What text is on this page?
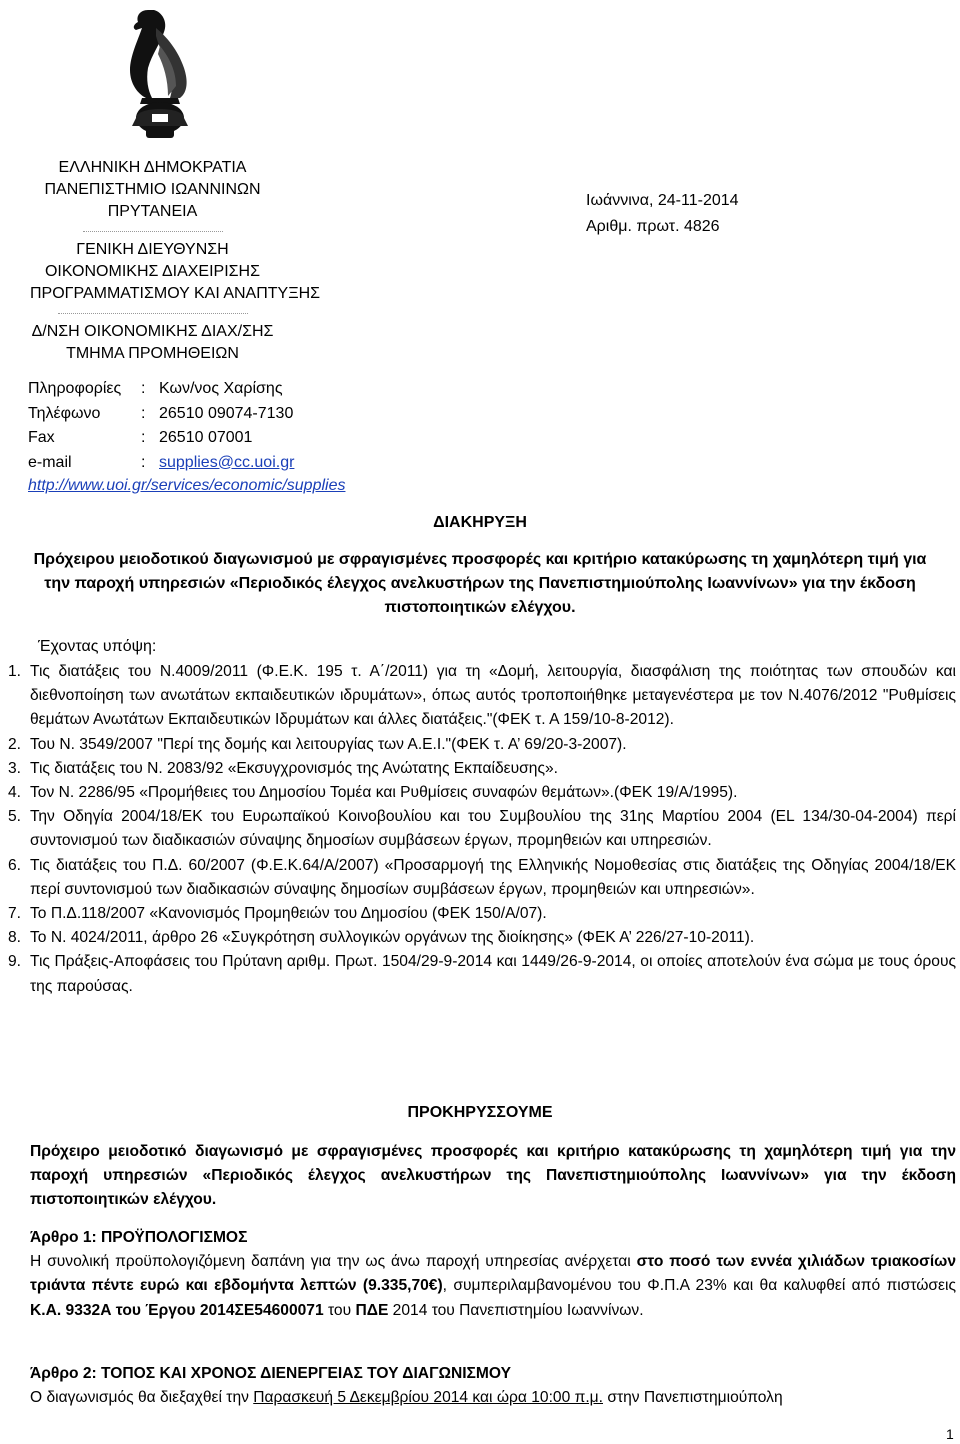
ΕΛΛΗΝΙΚΗ ΔΗΜΟΚΡΑΤΙΑ
ΠΑΝΕΠΙΣΤΗΜΙΟ ΙΩΑΝΝΙΝΩΝ
ΠΡΥΤΑΝΕΙΑ
ΓΕΝΙΚΗ ΔΙΕΥΘΥΝΣΗ
ΟΙΚΟΝΟΜΙΚΗΣ ΔΙΑΧΕΙΡΙΣΗΣ
ΠΡΟΓΡΑΜΜΑΤΙΣΜΟΥ ΚΑΙ ΑΝΑΠΤΥΞΗΣ
Δ/ΝΣΗ ΟΙΚΟΝΟΜΙΚΗΣ ΔΙΑΧ/ΣΗΣ
ΤΜΗΜΑ ΠΡΟΜΗΘΕΙΩΝ
Πληροφορίες	: Κων/νος Χαρίσης
Τηλέφωνο	: 26510 09074-7130
Fax	: 26510 07001
e-mail	: supplies@cc.uoi.gr
http://www.uoi.gr/services/economic/supplies
Ιωάννινα, 24-11-2014
Αριθμ. πρωτ. 4826
ΔΙΑΚΗΡΥΞΗ
Πρόχειρου μειοδοτικού διαγωνισμού με σφραγισμένες προσφορές και κριτήριο κατακύρωσης τη χαμηλότερη τιμή για την παροχή υπηρεσιών «Περιοδικός έλεγχος ανελκυστήρων της Πανεπιστημιούπολης Ιωαννίνων» για την έκδοση πιστοποιητικών ελέγχου.
Έχοντας υπόψη:
1. Τις διατάξεις του Ν.4009/2011 (Φ.Ε.Κ. 195 τ. Α΄/2011) για τη «Δομή, λειτουργία, διασφάλιση της ποιότητας των σπουδών και διεθνοποίηση των ανωτάτων εκπαιδευτικών ιδρυμάτων», όπως αυτός τροποποιήθηκε μεταγενέστερα με τον Ν.4076/2012 "Ρυθμίσεις θεμάτων Ανωτάτων Εκπαιδευτικών Ιδρυμάτων και άλλες διατάξεις."(ΦΕΚ τ. Α 159/10-8-2012).
2. Του Ν. 3549/2007 "Περί της δομής και λειτουργίας των Α.Ε.Ι."(ΦΕΚ τ. Α’ 69/20-3-2007).
3. Τις διατάξεις του Ν. 2083/92 «Εκσυγχρονισμός της Ανώτατης Εκπαίδευσης».
4. Τον Ν. 2286/95 «Προμήθειες του Δημοσίου Τομέα και Ρυθμίσεις συναφών θεμάτων».(ΦΕΚ 19/Α/1995).
5. Την Οδηγία 2004/18/ΕΚ του Ευρωπαϊκού Κοινοβουλίου και του Συμβουλίου της 31ης Μαρτίου 2004 (EL 134/30-04-2004) περί συντονισμού των διαδικασιών σύναψης δημοσίων συμβάσεων έργων, προμηθειών και υπηρεσιών.
6. Τις διατάξεις του Π.Δ. 60/2007 (Φ.Ε.Κ.64/Α/2007) «Προσαρμογή της Ελληνικής Νομοθεσίας στις διατάξεις της Οδηγίας 2004/18/ΕΚ περί συντονισμού των διαδικασιών σύναψης δημοσίων συμβάσεων έργων, προμηθειών και υπηρεσιών».
7. Το Π.Δ.118/2007 «Κανονισμός Προμηθειών του Δημοσίου (ΦΕΚ 150/Α/07).
8. Το Ν. 4024/2011, άρθρο 26 «Συγκρότηση συλλογικών οργάνων της διοίκησης» (ΦΕΚ Α’ 226/27-10-2011).
9. Τις Πράξεις-Αποφάσεις του Πρύτανη αριθμ. Πρωτ. 1504/29-9-2014 και 1449/26-9-2014, οι οποίες αποτελούν ένα σώμα με τους όρους της παρούσας.
ΠΡΟΚΗΡΥΣΣΟΥΜΕ
Πρόχειρο μειοδοτικό διαγωνισμό με σφραγισμένες προσφορές και κριτήριο κατακύρωσης τη χαμηλότερη τιμή για την παροχή υπηρεσιών «Περιοδικός έλεγχος ανελκυστήρων της Πανεπιστημιούπολης Ιωαννίνων» για την έκδοση πιστοποιητικών ελέγχου.
Άρθρο 1: ΠΡΟΫΠΟΛΟΓΙΣΜΟΣ
Η συνολική προϋπολογιζόμενη δαπάνη για την ως άνω παροχή υπηρεσίας ανέρχεται στο ποσό των εννέα χιλιάδων τριακοσίων τριάντα πέντε ευρώ και εβδομήντα λεπτών (9.335,70€), συμπεριλαμβανομένου του Φ.Π.Α 23% και θα καλυφθεί από πιστώσεις Κ.Α. 9332Α του Έργου 2014ΣΕ54600071 του ΠΔΕ 2014 του Πανεπιστημίου Ιωαννίνων.
Άρθρο 2: ΤΟΠΟΣ ΚΑΙ ΧΡΟΝΟΣ ΔΙΕΝΕΡΓΕΙΑΣ ΤΟΥ ΔΙΑΓΩΝΙΣΜΟΥ
Ο διαγωνισμός θα διεξαχθεί την Παρασκευή 5 Δεκεμβρίου 2014 και ώρα 10:00 π.μ. στην Πανεπιστημιούπολη
1
